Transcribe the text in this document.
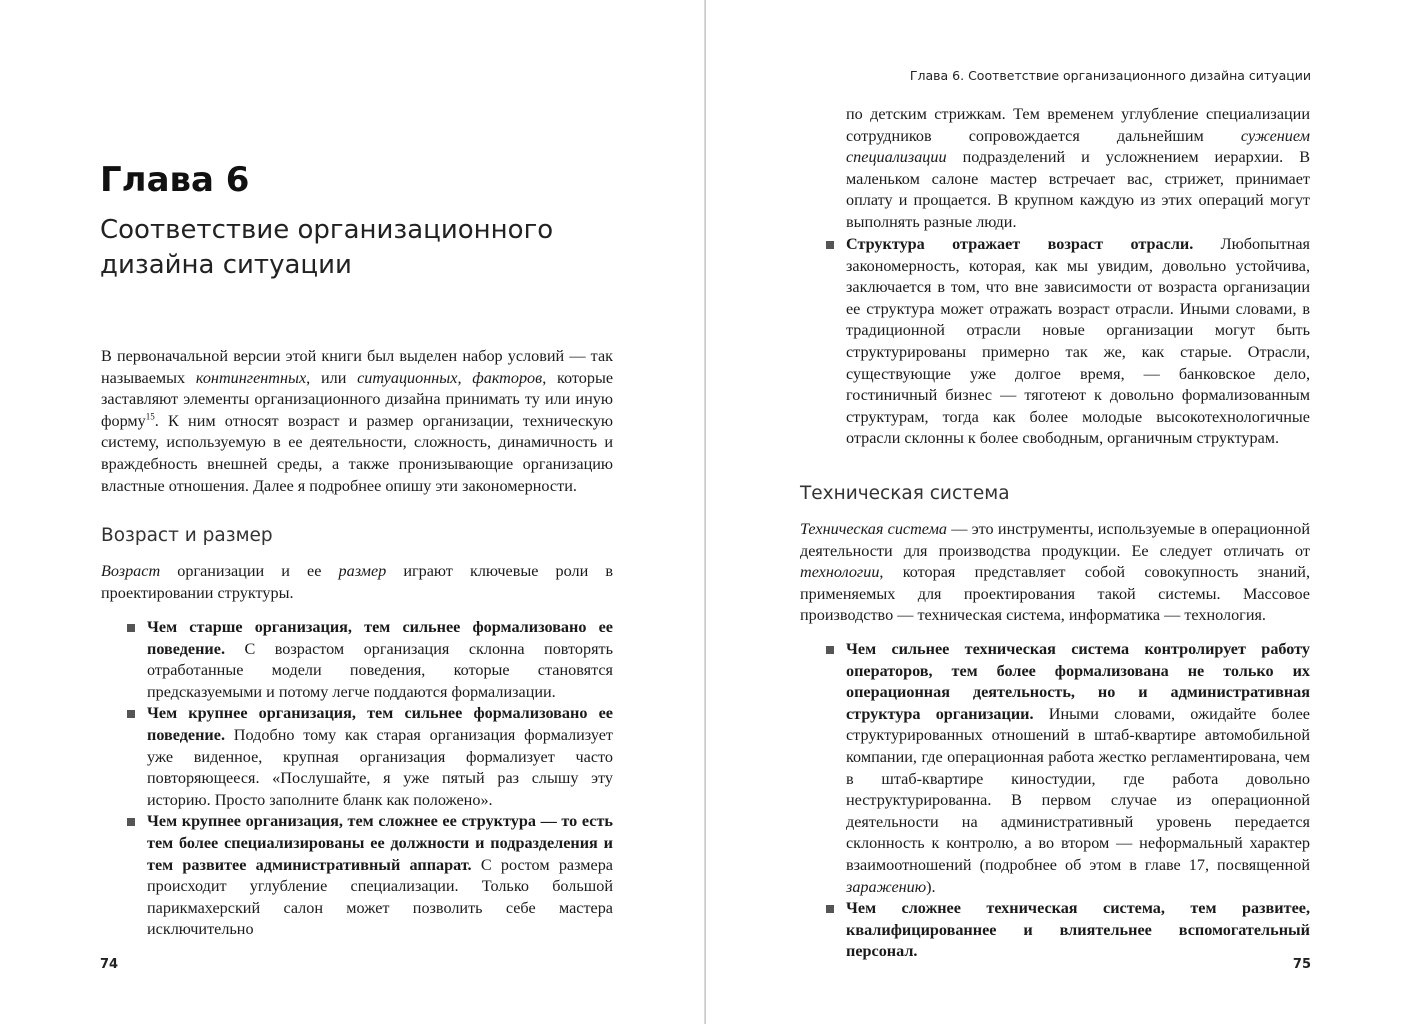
Глава 6
Соответствие организационного дизайна ситуации

В первоначальной версии этой книги был выделен набор условий — так называемых контингентных, или ситуационных, факторов, которые заставляют элементы организационного дизайна принимать ту или иную форму$^{15}$. К ним относят возраст и размер организации, техническую систему, используемую в ее деятельности, сложность, динамичность и враждебность внешней среды, а также пронизывающие организацию властные отношения. Далее я подробнее опишу эти закономерности.

Возраст и размер

Возраст организации и ее размер играют ключевые роли в проектировании структуры.

Чем старше организация, тем сильнее формализовано ее поведение. С возрастом организация склонна повторять отработанные модели поведения, которые становятся предсказуемыми и потому легче поддаются формализации.
Чем крупнее организация, тем сильнее формализовано ее поведение. Подобно тому как старая организация формализует уже виденное, крупная организация формализует часто повторяющееся. «Послушайте, я уже пятый раз слышу эту историю. Просто заполните бланк как положено».
Чем крупнее организация, тем сложнее ее структура — то есть тем более специализированы ее должности и подразделения и тем развитее административный аппарат. С ростом размера происходит углубление специализации. Только большой парикмахерский салон может позволить себе мастера исключительно
74
Глава 6. Соответствие организационного дизайна ситуации

по детским стрижкам. Тем временем углубление специализации сотрудников сопровождается дальнейшим сужением специализации подразделений и усложнением иерархии. В маленьком салоне мастер встречает вас, стрижет, принимает оплату и прощается. В крупном каждую из этих операций могут выполнять разные люди.

Структура отражает возраст отрасли. Любопытная закономерность, которая, как мы увидим, довольно устойчива, заключается в том, что вне зависимости от возраста организации ее структура может отражать возраст отрасли. Иными словами, в традиционной отрасли новые организации могут быть структурированы примерно так же, как старые. Отрасли, существующие уже долгое время, — банковское дело, гостиничный бизнес — тяготеют к довольно формализованным структурам, тогда как более молодые высокотехнологичные отрасли склонны к более свободным, органичным структурам.
Техническая система

Техническая система — это инструменты, используемые в операционной деятельности для производства продукции. Ее следует отличать от технологии, которая представляет собой совокупность знаний, применяемых для проектирования такой системы. Массовое производство — техническая система, информатика — технология.

Чем сильнее техническая система контролирует работу операторов, тем более формализована не только их операционная деятельность, но и административная структура организации. Иными словами, ожидайте более структурированных отношений в штаб-квартире автомобильной компании, где операционная работа жестко регламентирована, чем в штаб-квартире киностудии, где работа довольно неструктурированна. В первом случае из операционной деятельности на административный уровень передается склонность к контролю, а во втором — неформальный характер взаимоотношений (подробнее об этом в главе 17, посвященной заражению).
Чем сложнее техническая система, тем развитее, квалифицированнее и влиятельнее вспомогательный персонал.
75
